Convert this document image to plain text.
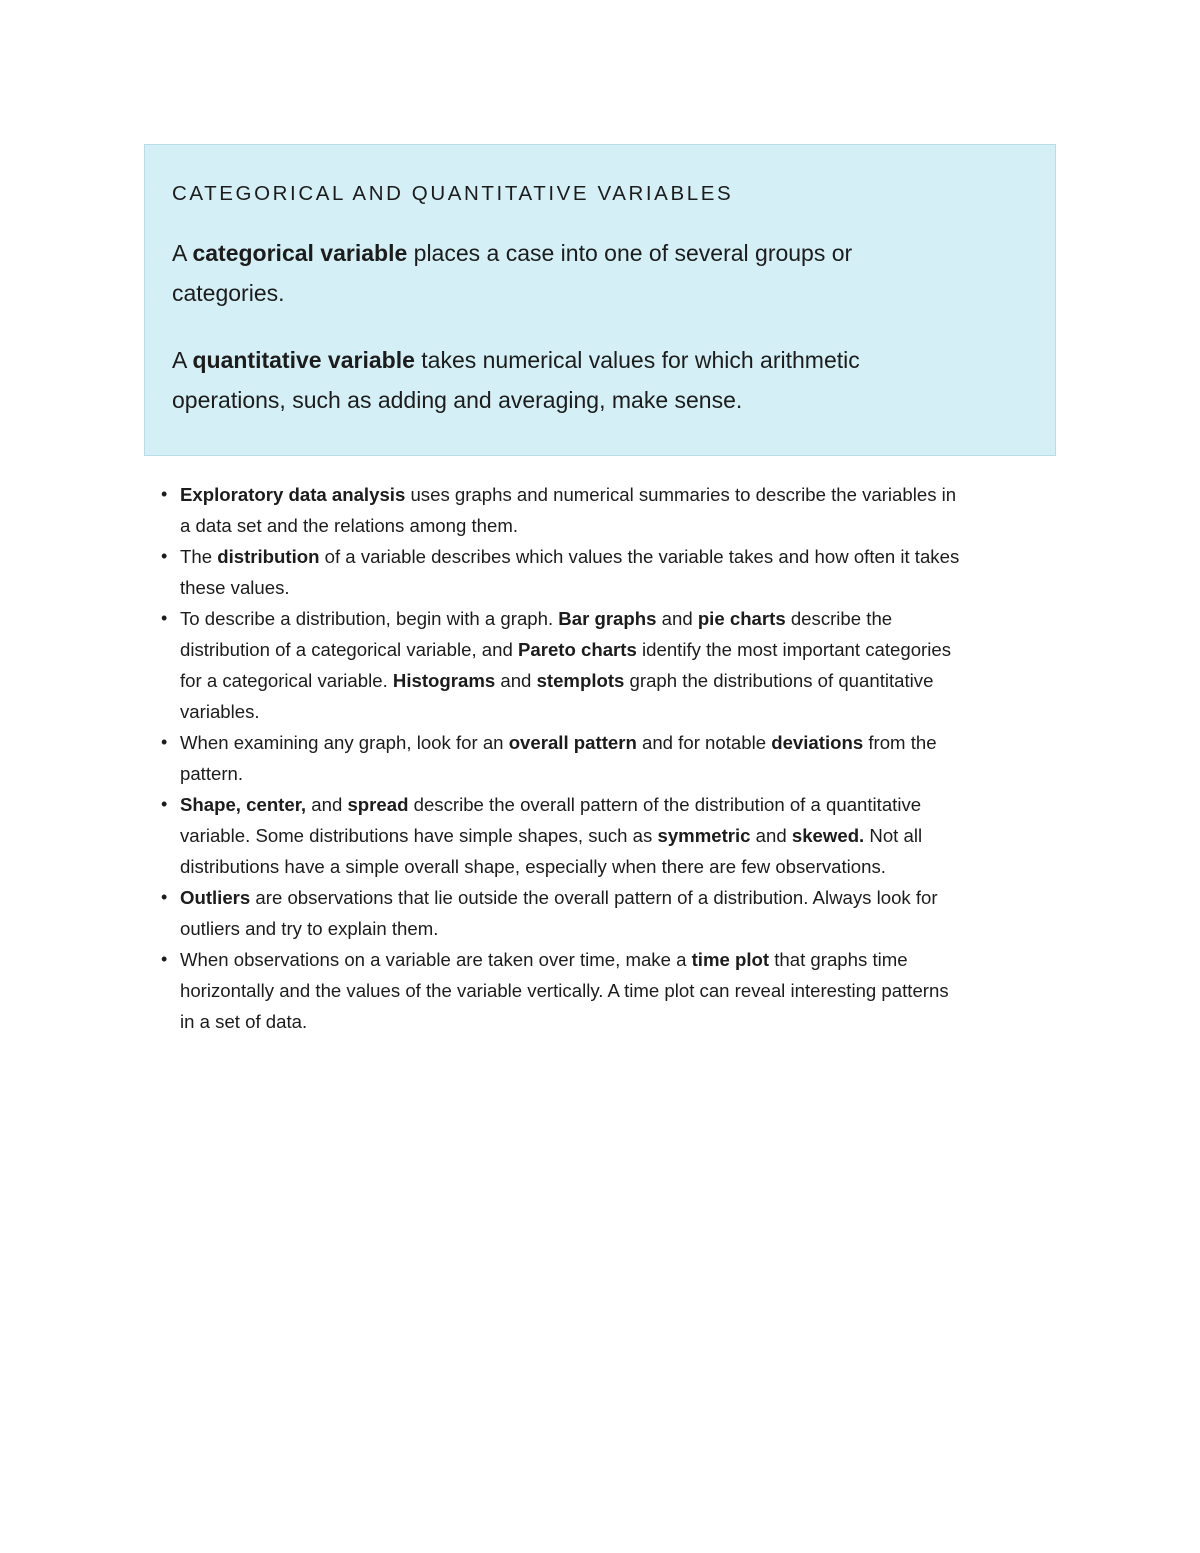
CATEGORICAL AND QUANTITATIVE VARIABLES

A categorical variable places a case into one of several groups or
categories.

A quantitative variable takes numerical values for which arithmetic
operations, such as adding and averaging, make sense.

• Exploratory data analysis uses graphs and numerical summaries to describe the variables in
a data set and the relations among them.
• The distribution of a variable describes which values the variable takes and how often it takes
these values.
• To describe a distribution, begin with a graph. Bar graphs and pie charts describe the
distribution of a categorical variable, and Pareto charts identify the most important categories
for a categorical variable. Histograms and stemplots graph the distributions of quantitative
variables.
• When examining any graph, look for an overall pattern and for notable deviations from the
pattern.
• Shape, center, and spread describe the overall pattern of the distribution of a quantitative
variable. Some distributions have simple shapes, such as symmetric and skewed. Not all
distributions have a simple overall shape, especially when there are few observations.
• Outliers are observations that lie outside the overall pattern of a distribution. Always look for
outliers and try to explain them.
• When observations on a variable are taken over time, make a time plot that graphs time
horizontally and the values of the variable vertically. A time plot can reveal interesting patterns
in a set of data.
